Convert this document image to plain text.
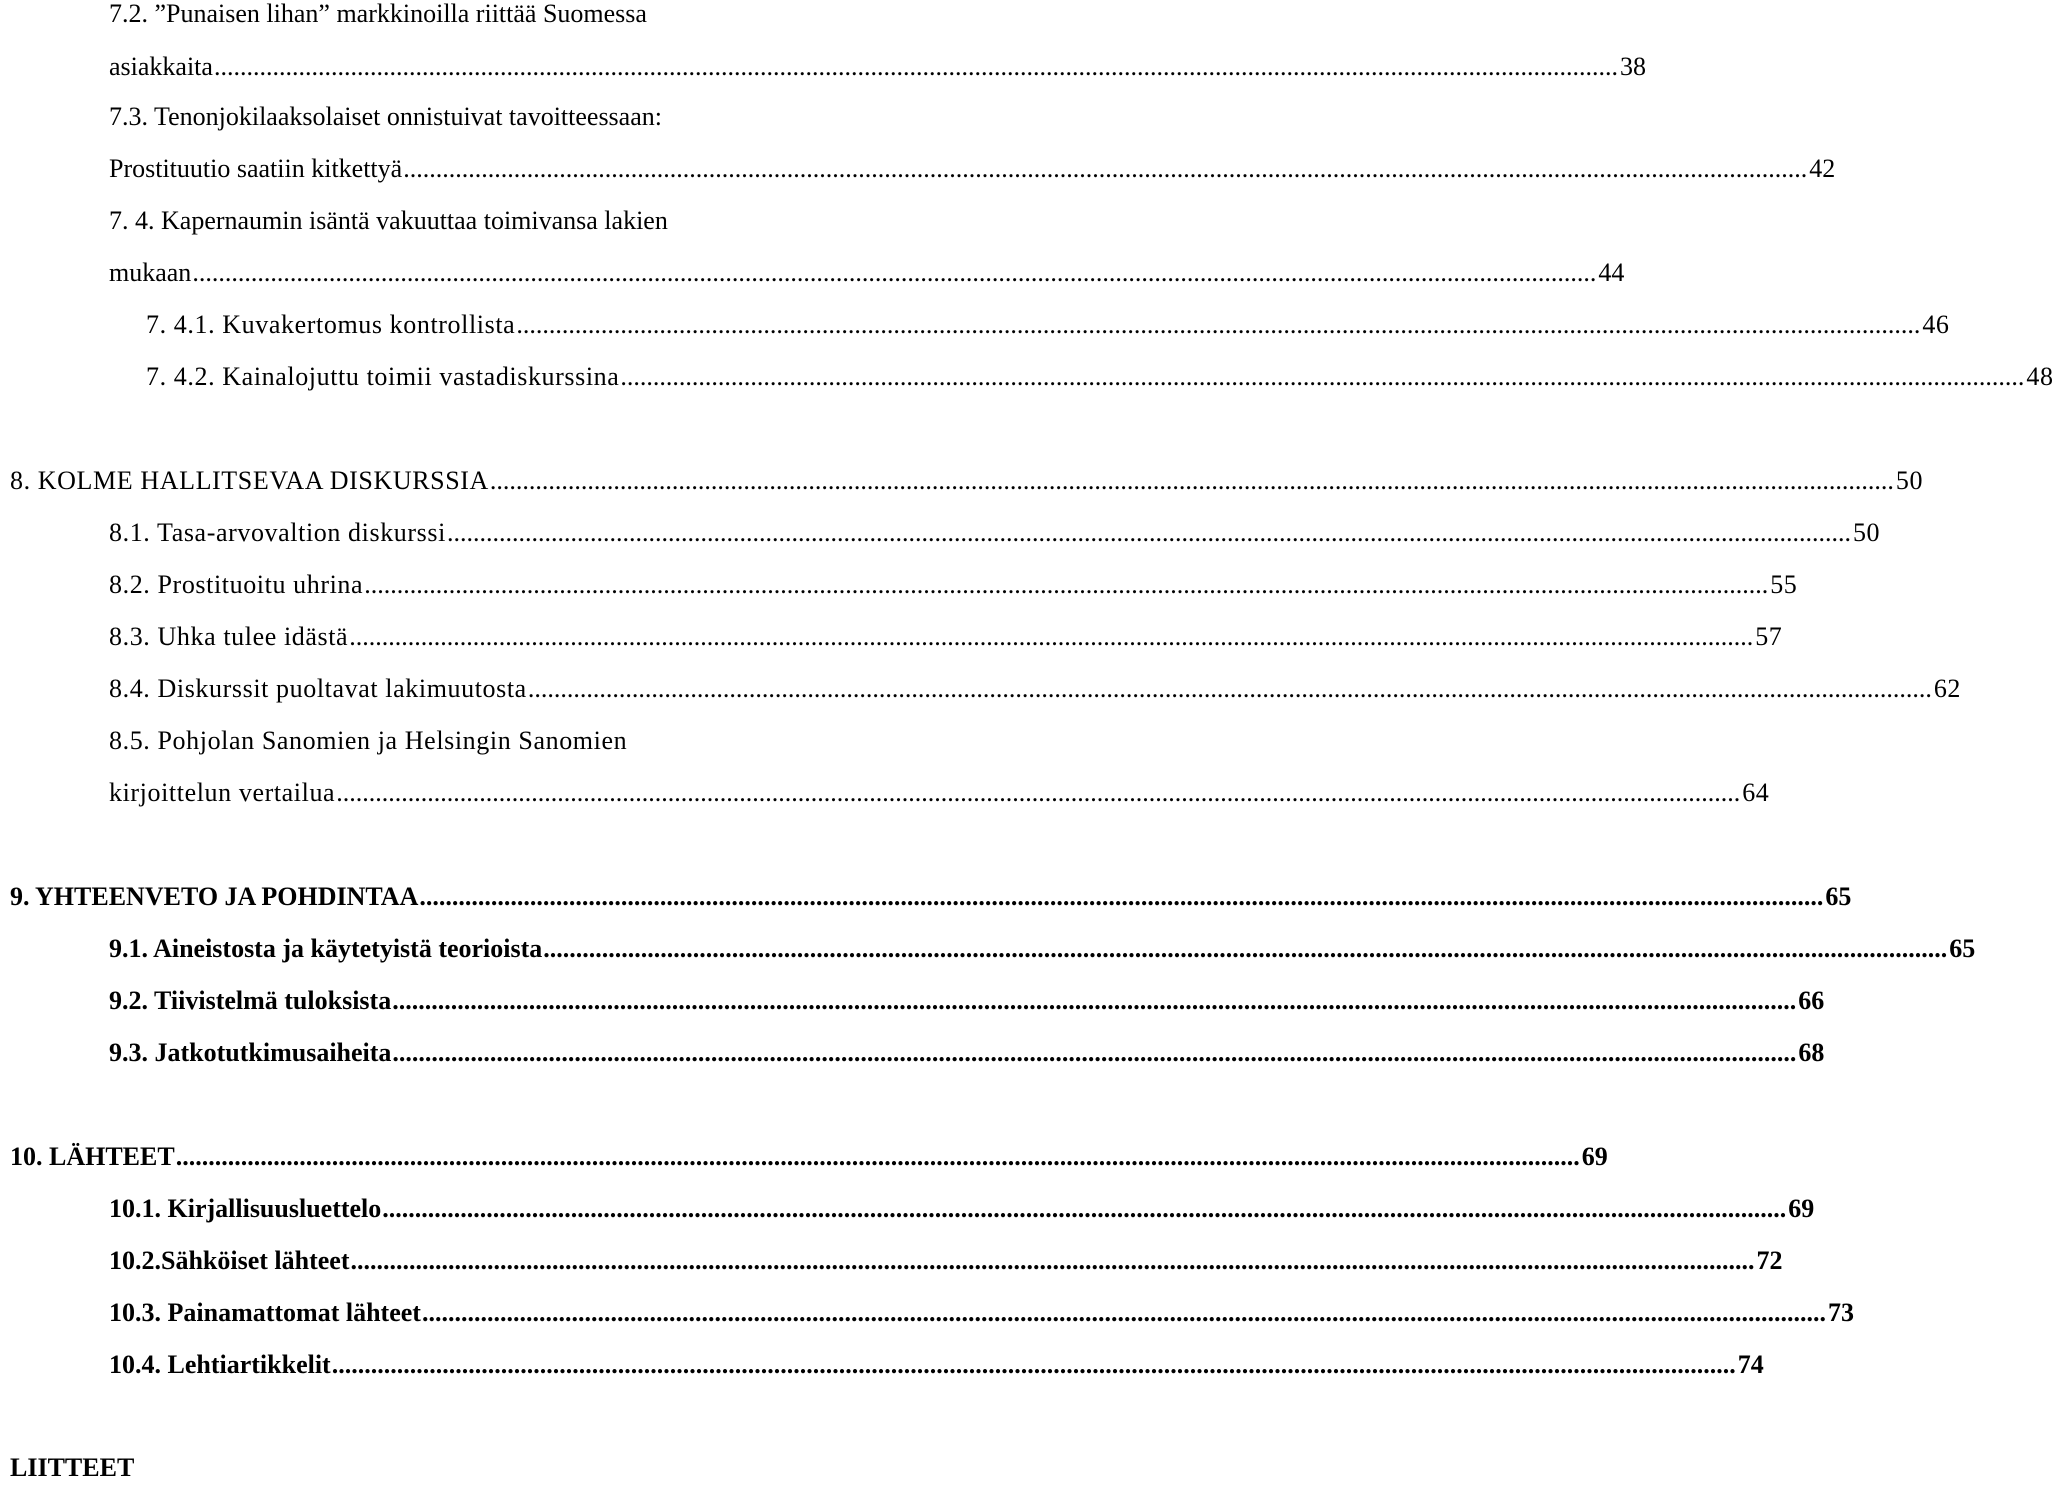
7.2. ”Punaisen lihan” markkinoilla riittää Suomessa
asiakkaita .....	38
7.3. Tenonjokilaaksolaiset onnistuivat tavoitteessaan:
Prostituutio saatiin kitkettyä .....	42
7. 4. Kapernaumin isäntä vakuuttaa toimivansa lakien
mukaan .....	44
7. 4.1. Kuvakertomus kontrollista .....	46
7. 4.2. Kainalojuttu toimii vastadiskurssina .....	48
8. KOLME HALLITSEVAA DISKURSSIA .....	50
8.1. Tasa-arvovaltion diskurssi .....	50
8.2. Prostituoitu uhrina .....	55
8.3. Uhka tulee idästä .....	57
8.4. Diskurssit puoltavat lakimuutosta .....	62
8.5. Pohjolan Sanomien ja Helsingin Sanomien
kirjoittelun vertailua .....	64
9. YHTEENVETO JA POHDINTAA .....	65
9.1. Aineistosta ja käytetyistä teorioista .....	65
9.2. Tiivistelmä tuloksista .....	66
9.3. Jatkotutkimusaiheita .....	68
10. LÄHTEET .....	69
10.1. Kirjallisuusluettelo .....	69
10.2.Sähköiset lähteet .....	72
10.3. Painamattomat lähteet .....	73
10.4. Lehtiartikkelit .....	74
LIITTEET
